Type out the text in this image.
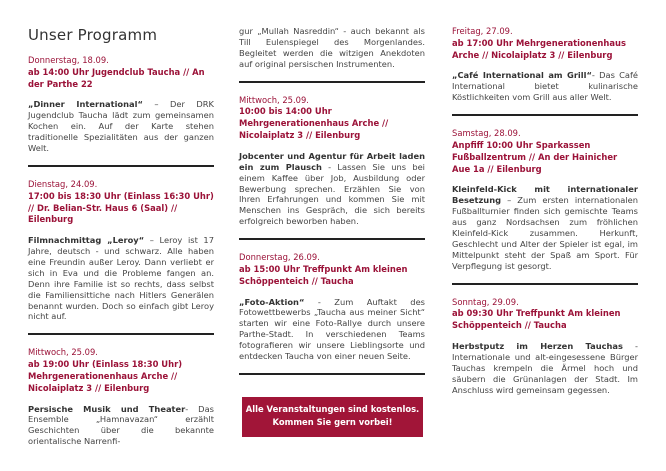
Unser Programm
Donnerstag, 18.09.
ab 14:00 Uhr Jugendclub Taucha // An der Parthe 22
„Dinner International“ – Der DRK Jugendclub Taucha lädt zum gemeinsamen Kochen ein. Auf der Karte stehen traditionelle Spezialitäten aus der ganzen Welt.
Dienstag, 24.09.
17:00 bis 18:30 Uhr (Einlass 16:30 Uhr) // Dr. Belian-Str. Haus 6 (Saal) // Eilenburg
Filmnachmittag „Leroy“ – Leroy ist 17 Jahre, deutsch - und schwarz. Alle haben eine Freundin außer Leroy. Dann verliebt er sich in Eva und die Probleme fangen an. Denn ihre Familie ist so rechts, dass selbst die Familiensittiche nach Hitlers Generälen benannt wurden. Doch so einfach gibt Leroy nicht auf.
Mittwoch, 25.09.
ab 19:00 Uhr (Einlass 18:30 Uhr) Mehrgenerationenhaus Arche // Nicolaiplatz 3 // Eilenburg
Persische Musik und Theater- Das Ensemble „Hamnavazan“ erzählt Geschichten über die bekannte orientalische Narrenfi-
gur „Mullah Nasreddin“ - auch bekannt als Till Eulenspiegel des Morgenlandes. Begleitet werden die witzigen Anekdoten auf original persischen Instrumenten.
Mittwoch, 25.09.
10:00 bis 14:00 Uhr Mehrgenerationenhaus Arche // Nicolaiplatz 3 // Eilenburg
Jobcenter und Agentur für Arbeit laden ein zum Plausch - Lassen Sie uns bei einem Kaffee über Job, Ausbildung oder Bewerbung sprechen. Erzählen Sie von Ihren Erfahrungen und kommen Sie mit Menschen ins Gespräch, die sich bereits erfolgreich beworben haben.
Donnerstag, 26.09.
ab 15:00 Uhr Treffpunkt Am kleinen Schöppenteich // Taucha
„Foto-Aktion“ - Zum Auftakt des Fotowettbewerbs „Taucha aus meiner Sicht“ starten wir eine Foto-Rallye durch unsere Parthe-Stadt. In verschiedenen Teams fotografieren wir unsere Lieblingsorte und entdecken Taucha von einer neuen Seite.
Alle Veranstaltungen sind kostenlos.
Kommen Sie gern vorbei!
Freitag, 27.09.
ab 17:00 Uhr Mehrgenerationenhaus Arche // Nicolaiplatz 3 // Eilenburg
„Café International am Grill“- Das Café International bietet kulinarische Köstlichkeiten vom Grill aus aller Welt.
Samstag, 28.09.
Anpfiff 10:00 Uhr Sparkassen Fußballzentrum // An der Hainicher Aue 1a // Eilenburg
Kleinfeld-Kick mit internationaler Besetzung – Zum ersten internationalen Fußballturnier finden sich gemischte Teams aus ganz Nordsachsen zum fröhlichen Kleinfeld-Kick zusammen. Herkunft, Geschlecht und Alter der Spieler ist egal, im Mittelpunkt steht der Spaß am Sport. Für Verpflegung ist gesorgt.
Sonntag, 29.09.
ab 09:30 Uhr Treffpunkt Am kleinen Schöppenteich // Taucha
Herbstputz im Herzen Tauchas - Internationale und alt-eingesessene Bürger Tauchas krempeln die Ärmel hoch und säubern die Grünanlagen der Stadt. Im Anschluss wird gemeinsam gegessen.
